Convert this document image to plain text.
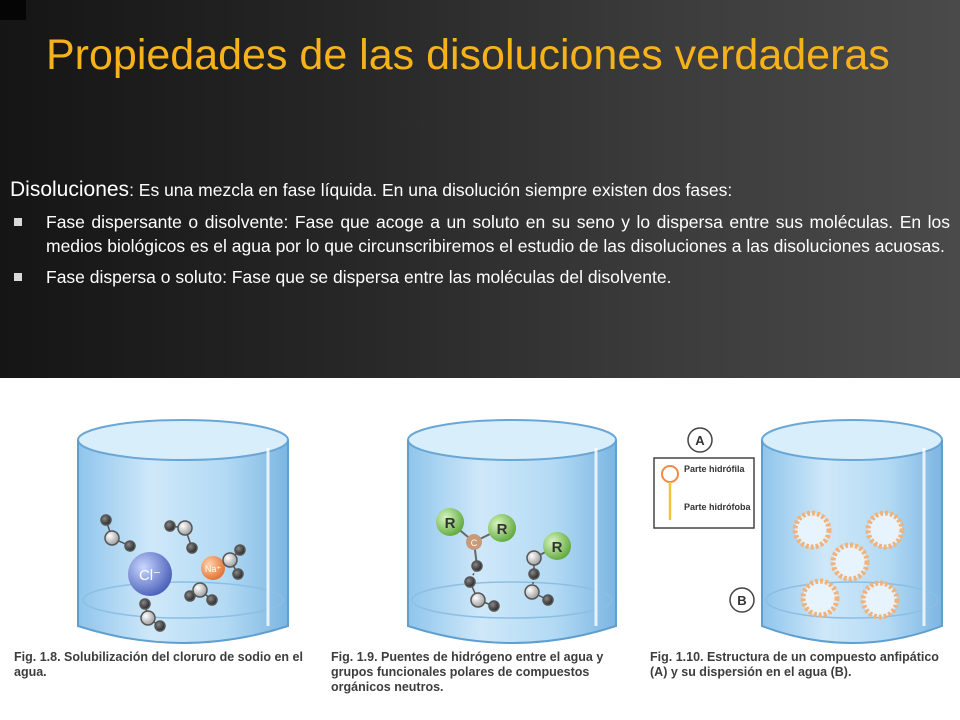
Propiedades de las disoluciones verdaderas

Disoluciones: Es una mezcla en fase líquida. En una disolución siempre existen dos fases:

Fase dispersante o disolvente: Fase que acoge a un soluto en su seno y lo dispersa entre sus moléculas. En los medios biológicos es el agua por lo que circunscribiremos el estudio de las disoluciones a las disoluciones acuosas.

Fase dispersa o soluto: Fase que se dispersa entre las moléculas del disolvente.

Cl⁻	Na⁺
R	R
R
C
A
Parte hidrófila
Parte hidrófoba
B
Fig. 1.8. Solubilización del cloruro de sodio en el agua.
Fig. 1.9. Puentes de hidrógeno entre el agua y grupos funcionales polares de compuestos orgánicos neutros.
Fig. 1.10. Estructura de un compuesto anfipático (A) y su dispersión en el agua (B).
